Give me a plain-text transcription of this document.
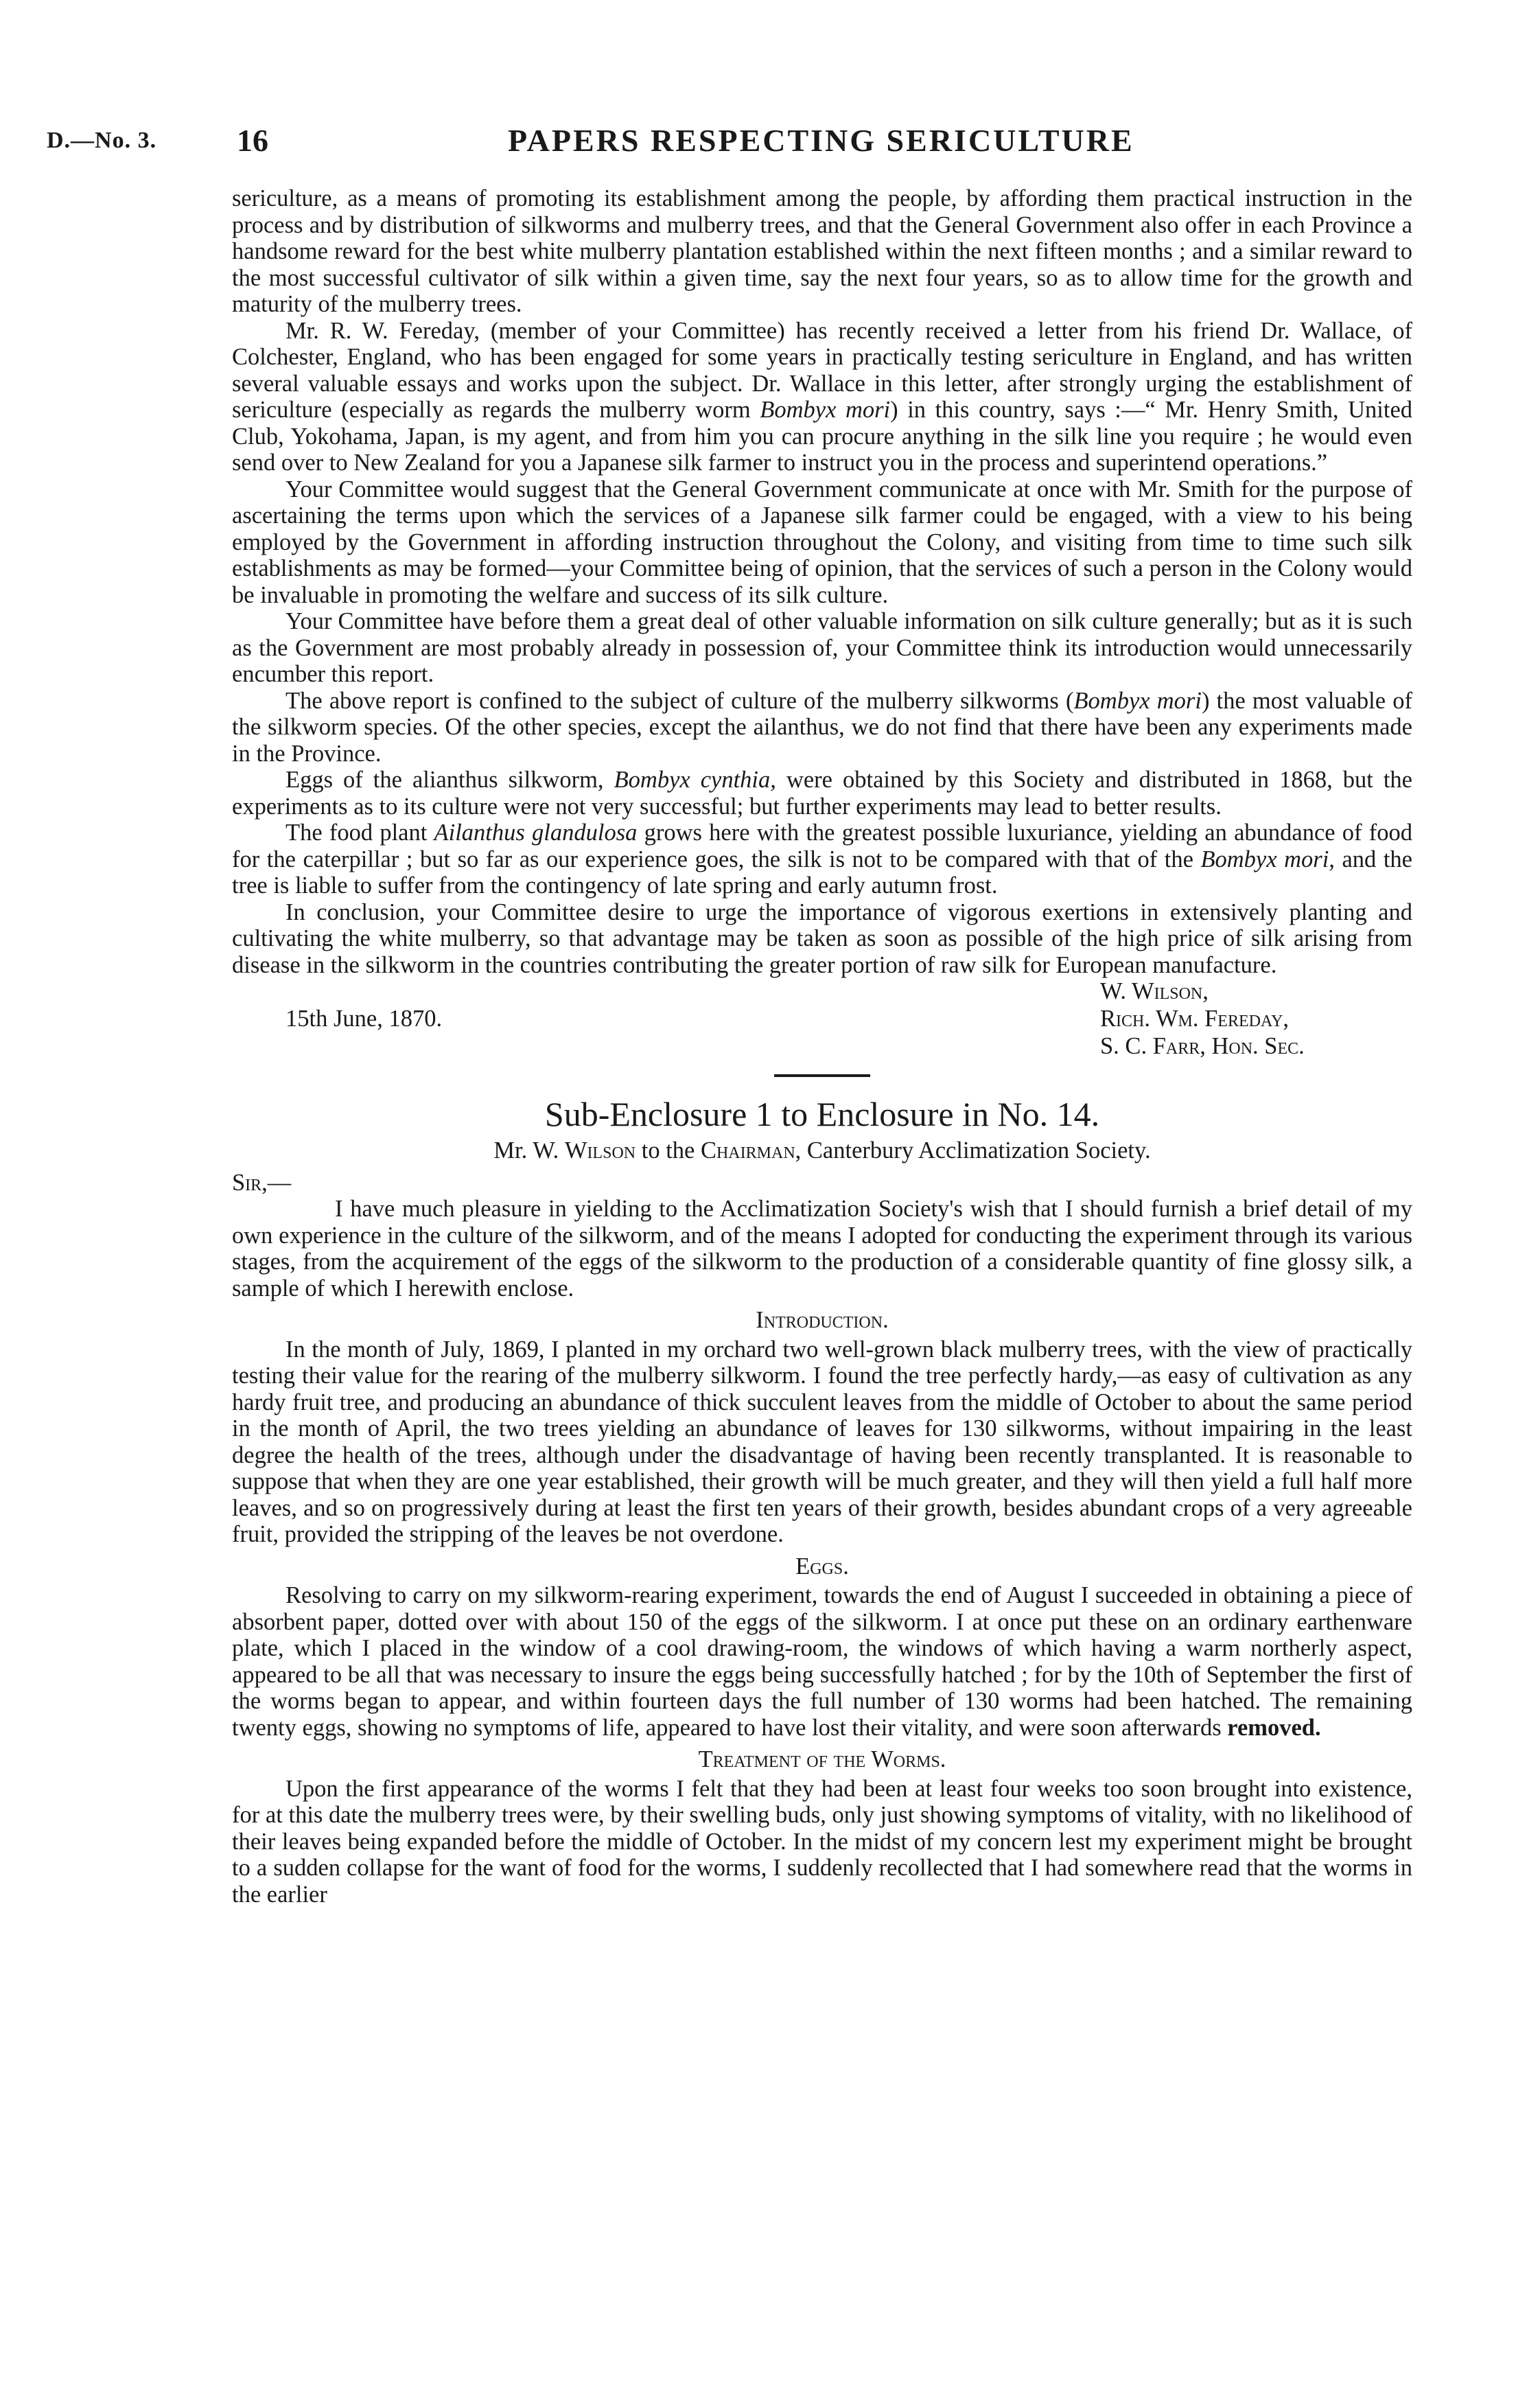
D.—No. 3.	16	PAPERS RESPECTING SERICULTURE

sericulture, as a means of promoting its establishment among the people, by affording them practical instruction in the process and by distribution of silkworms and mulberry trees, and that the General Government also offer in each Province a handsome reward for the best white mulberry plantation established within the next fifteen months ; and a similar reward to the most successful cultivator of silk within a given time, say the next four years, so as to allow time for the growth and maturity of the mulberry trees.

Mr. R. W. Fereday, (member of your Committee) has recently received a letter from his friend Dr. Wallace, of Colchester, England, who has been engaged for some years in practically testing sericulture in England, and has written several valuable essays and works upon the subject. Dr. Wallace in this letter, after strongly urging the establishment of sericulture (especially as regards the mulberry worm Bombyx mori) in this country, says :—“ Mr. Henry Smith, United Club, Yokohama, Japan, is my agent, and from him you can procure anything in the silk line you require ; he would even send over to New Zealand for you a Japanese silk farmer to instruct you in the process and superintend operations.”

Your Committee would suggest that the General Government communicate at once with Mr. Smith for the purpose of ascertaining the terms upon which the services of a Japanese silk farmer could be engaged, with a view to his being employed by the Government in affording instruction throughout the Colony, and visiting from time to time such silk establishments as may be formed—your Committee being of opinion, that the services of such a person in the Colony would be invaluable in promoting the welfare and success of its silk culture.

Your Committee have before them a great deal of other valuable information on silk culture generally; but as it is such as the Government are most probably already in possession of, your Committee think its introduction would unnecessarily encumber this report.

The above report is confined to the subject of culture of the mulberry silkworms (Bombyx mori) the most valuable of the silkworm species. Of the other species, except the ailanthus, we do not find that there have been any experiments made in the Province.

Eggs of the alianthus silkworm, Bombyx cynthia, were obtained by this Society and distributed in 1868, but the experiments as to its culture were not very successful; but further experiments may lead to better results.

The food plant Ailanthus glandulosa grows here with the greatest possible luxuriance, yielding an abundance of food for the caterpillar ; but so far as our experience goes, the silk is not to be compared with that of the Bombyx mori, and the tree is liable to suffer from the contingency of late spring and early autumn frost.

In conclusion, your Committee desire to urge the importance of vigorous exertions in extensively planting and cultivating the white mulberry, so that advantage may be taken as soon as possible of the high price of silk arising from disease in the silkworm in the countries contributing the greater portion of raw silk for European manufacture.

W. Wilson,
15th June, 1870.	Rich. Wm. Fereday,
S. C. Farr, Hon. Sec.
Sub-Enclosure 1 to Enclosure in No. 14.
Mr. W. Wilson to the Chairman, Canterbury Acclimatization Society.

Sir,—

I have much pleasure in yielding to the Acclimatization Society's wish that I should furnish a brief detail of my own experience in the culture of the silkworm, and of the means I adopted for conducting the experiment through its various stages, from the acquirement of the eggs of the silkworm to the production of a considerable quantity of fine glossy silk, a sample of which I herewith enclose.

Introduction.

In the month of July, 1869, I planted in my orchard two well-grown black mulberry trees, with the view of practically testing their value for the rearing of the mulberry silkworm. I found the tree perfectly hardy,—as easy of cultivation as any hardy fruit tree, and producing an abundance of thick succulent leaves from the middle of October to about the same period in the month of April, the two trees yielding an abundance of leaves for 130 silkworms, without impairing in the least degree the health of the trees, although under the disadvantage of having been recently transplanted. It is reasonable to suppose that when they are one year established, their growth will be much greater, and they will then yield a full half more leaves, and so on progressively during at least the first ten years of their growth, besides abundant crops of a very agreeable fruit, provided the stripping of the leaves be not overdone.

Eggs.

Resolving to carry on my silkworm-rearing experiment, towards the end of August I succeeded in obtaining a piece of absorbent paper, dotted over with about 150 of the eggs of the silkworm. I at once put these on an ordinary earthenware plate, which I placed in the window of a cool drawing-room, the windows of which having a warm northerly aspect, appeared to be all that was necessary to insure the eggs being successfully hatched ; for by the 10th of September the first of the worms began to appear, and within fourteen days the full number of 130 worms had been hatched. The remaining twenty eggs, showing no symptoms of life, appeared to have lost their vitality, and were soon afterwards removed.

Treatment of the Worms.

Upon the first appearance of the worms I felt that they had been at least four weeks too soon brought into existence, for at this date the mulberry trees were, by their swelling buds, only just showing symptoms of vitality, with no likelihood of their leaves being expanded before the middle of October. In the midst of my concern lest my experiment might be brought to a sudden collapse for the want of food for the worms, I suddenly recollected that I had somewhere read that the worms in the earlier
